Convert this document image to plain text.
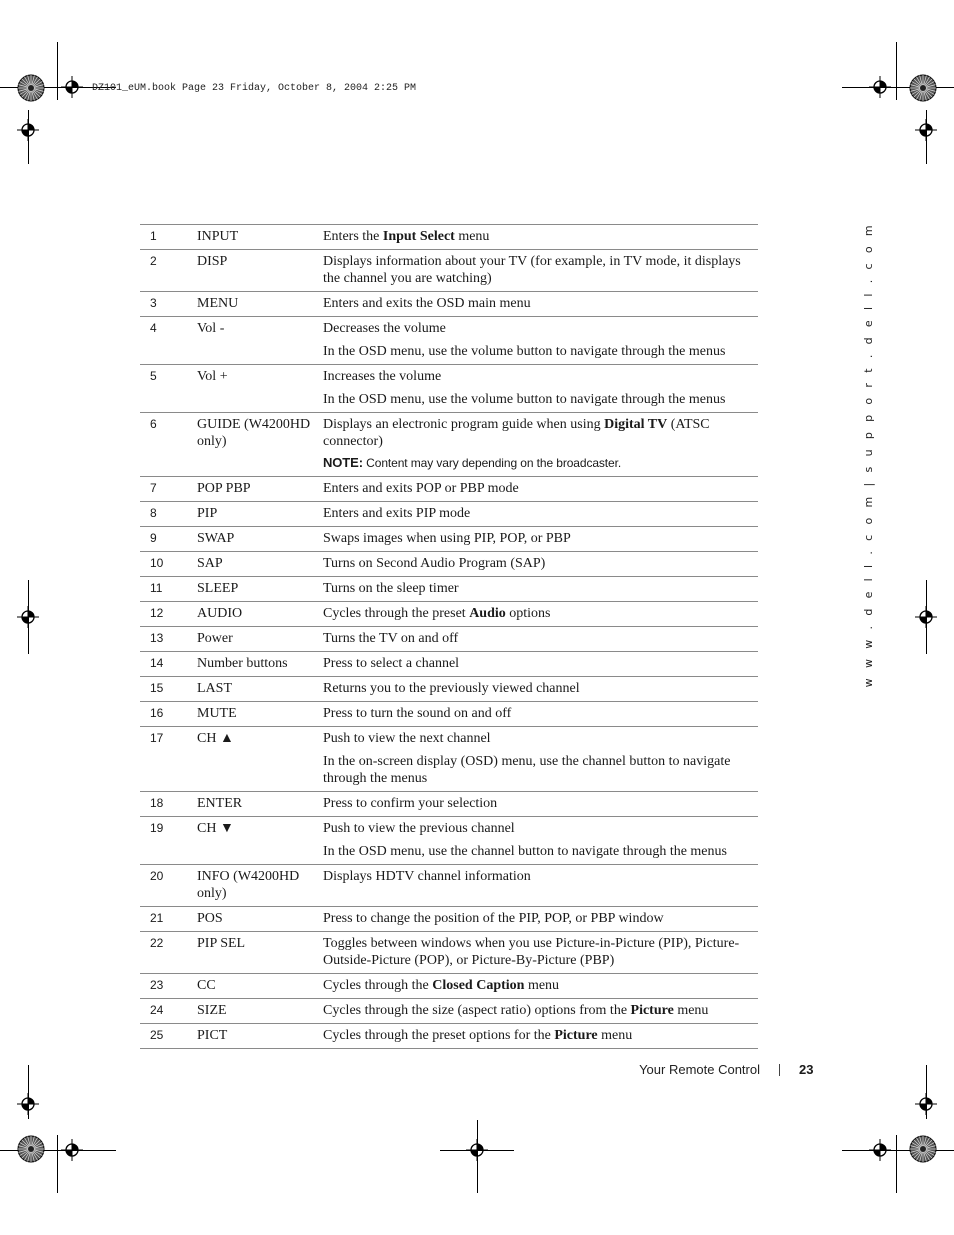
DZ101_eUM.book Page 23 Friday, October 8, 2004 2:25 PM
w w w . d e l l . c o m | s u p p o r t . d e l l . c o m
1	INPUT	Enters the Input Select menu

2	DISP	Displays information about your TV (for example, in TV mode, it displays the channel you are watching)

3	MENU	Enters and exits the OSD main menu

4	Vol -	Decreases the volume

In the OSD menu, use the volume button to navigate through the menus

5	Vol +	Increases the volume

In the OSD menu, use the volume button to navigate through the menus

6	GUIDE (W4200HD only)	Displays an electronic program guide when using Digital TV (ATSC connector)

NOTE: Content may vary depending on the broadcaster.

7	POP PBP	Enters and exits POP or PBP mode

8	PIP	Enters and exits PIP mode

9	SWAP	Swaps images when using PIP, POP, or PBP

10	SAP	Turns on Second Audio Program (SAP)

11	SLEEP	Turns on the sleep timer

12	AUDIO	Cycles through the preset Audio options

13	Power	Turns the TV on and off

14	Number buttons	Press to select a channel

15	LAST	Returns you to the previously viewed channel

16	MUTE	Press to turn the sound on and off

17	CH ▲	Push to view the next channel

In the on-screen display (OSD) menu, use the channel button to navigate through the menus

18	ENTER	Press to confirm your selection

19	CH ▼	Push to view the previous channel

In the OSD menu, use the channel button to navigate through the menus

20	INFO (W4200HD only)	Displays HDTV channel information

21	POS	Press to change the position of the PIP, POP, or PBP window

22	PIP SEL	Toggles between windows when you use Picture-in-Picture (PIP), Picture-Outside-Picture (POP), or Picture-By-Picture (PBP)

23	CC	Cycles through the Closed Caption menu

24	SIZE	Cycles through the size (aspect ratio) options from the Picture menu

25	PICT	Cycles through the preset options for the Picture menu

Your Remote Control	23
